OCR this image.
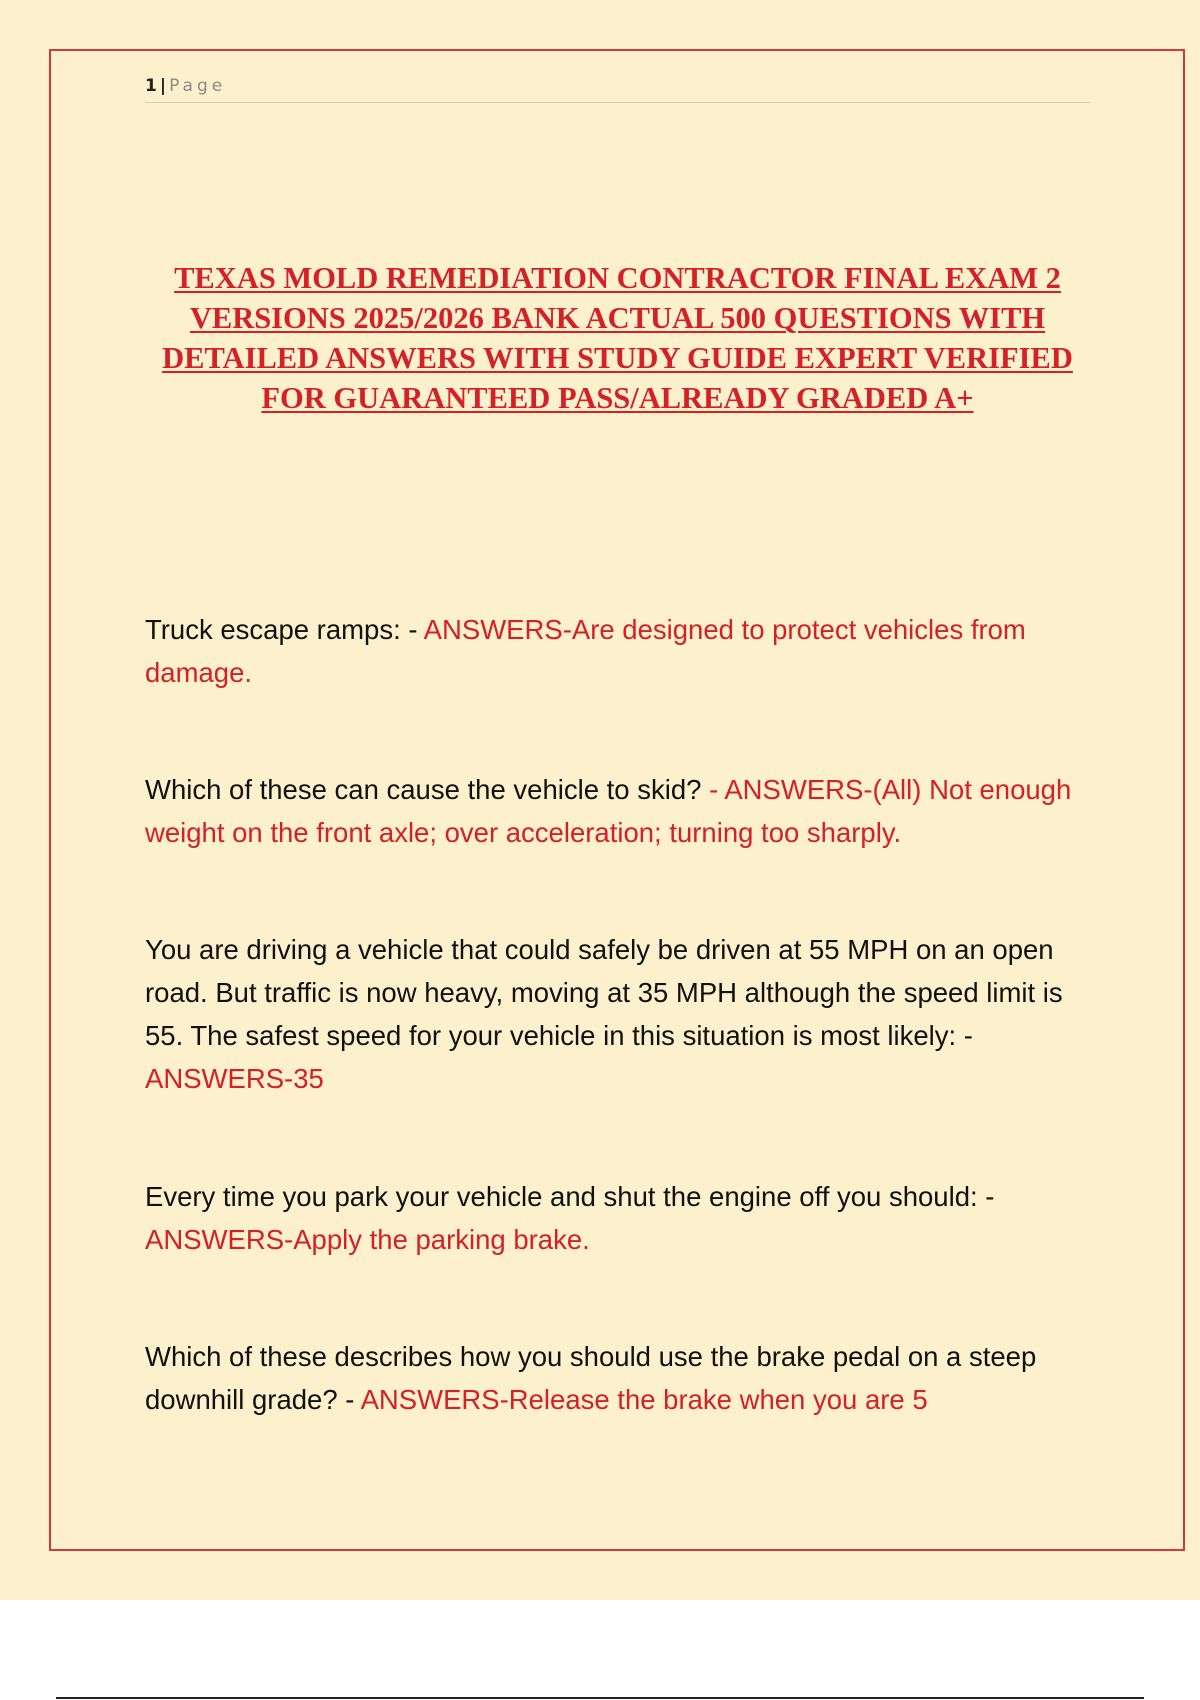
1 | Page
TEXAS MOLD REMEDIATION CONTRACTOR FINAL EXAM 2 VERSIONS 2025/2026 BANK ACTUAL 500 QUESTIONS WITH DETAILED ANSWERS WITH STUDY GUIDE EXPERT VERIFIED FOR GUARANTEED PASS/ALREADY GRADED A+

Truck escape ramps: - ANSWERS-Are designed to protect vehicles from damage.

Which of these can cause the vehicle to skid? - ANSWERS-(All) Not enough weight on the front axle; over acceleration; turning too sharply.

You are driving a vehicle that could safely be driven at 55 MPH on an open road. But traffic is now heavy, moving at 35 MPH although the speed limit is 55. The safest speed for your vehicle in this situation is most likely: - ANSWERS-35

Every time you park your vehicle and shut the engine off you should: - ANSWERS-Apply the parking brake.

Which of these describes how you should use the brake pedal on a steep downhill grade? - ANSWERS-Release the brake when you are 5
